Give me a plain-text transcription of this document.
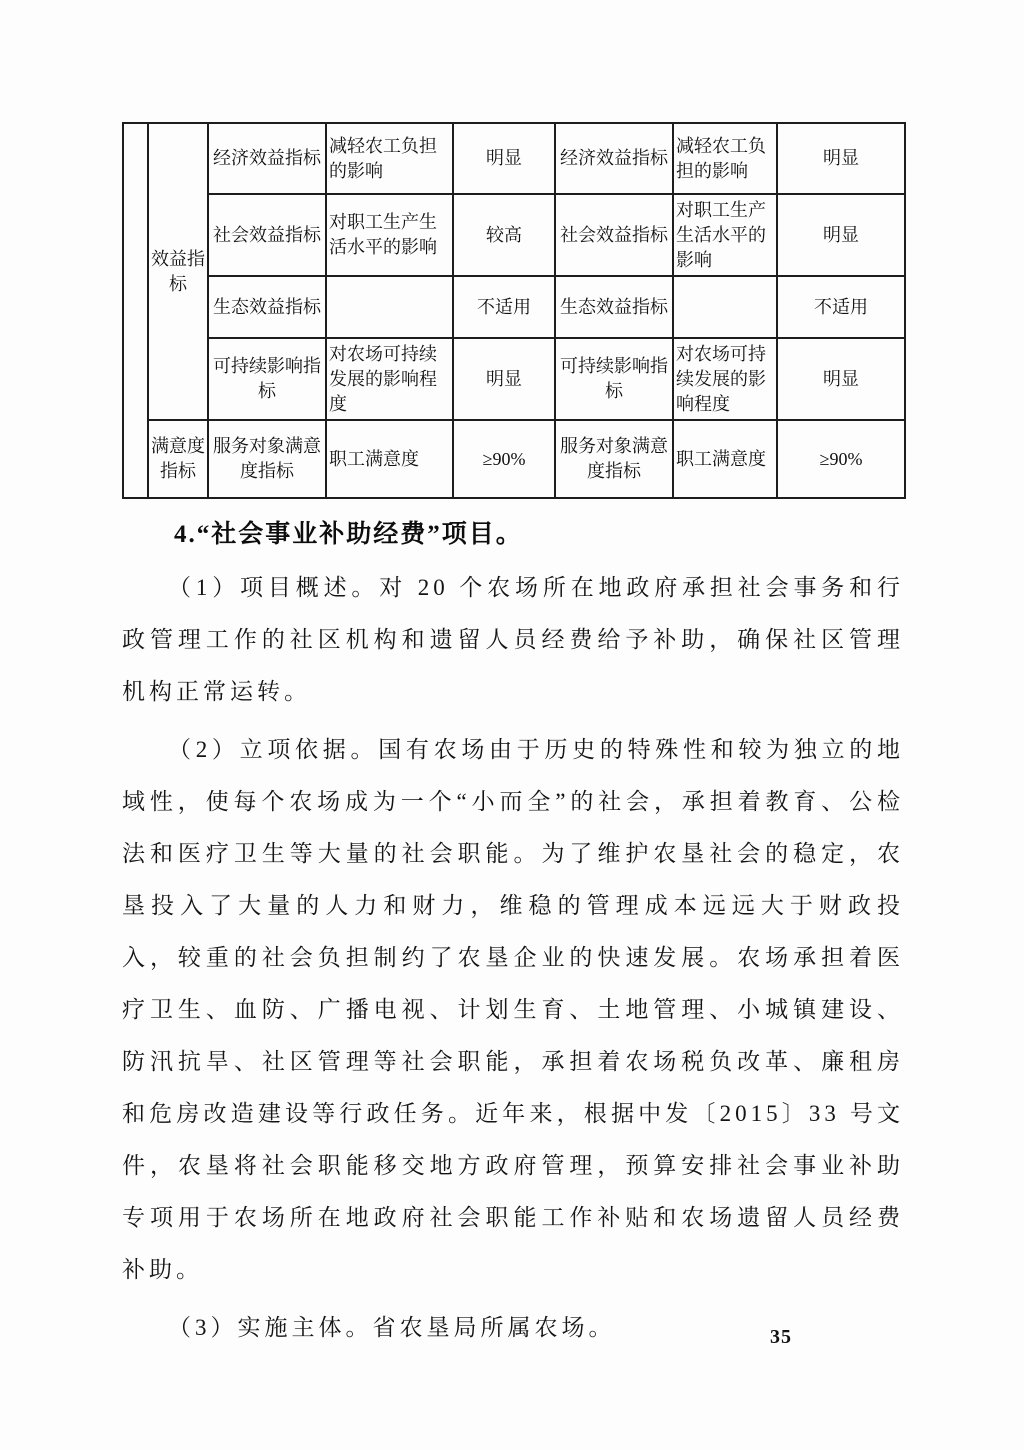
	效益指标	经济效益指标	减轻农工负担的影响	明显	经济效益指标	减轻农工负担的影响	明显
		社会效益指标	对职工生产生活水平的影响	较高	社会效益指标	对职工生产生活水平的影响	明显
		生态效益指标		不适用	生态效益指标		不适用
		可持续影响指标	对农场可持续发展的影响程度	明显	可持续影响指标	对农场可持续发展的影响程度	明显
	满意度指标	服务对象满意度指标	职工满意度	≥90%	服务对象满意度指标	职工满意度	≥90%
4.“社会事业补助经费”项目。

（1）项目概述。对 20 个农场所在地政府承担社会事务和行政管理工作的社区机构和遗留人员经费给予补助，确保社区管理机构正常运转。

（2）立项依据。国有农场由于历史的特殊性和较为独立的地域性，使每个农场成为一个“小而全”的社会，承担着教育、公检法和医疗卫生等大量的社会职能。为了维护农垦社会的稳定，农垦投入了大量的人力和财力，维稳的管理成本远远大于财政投入，较重的社会负担制约了农垦企业的快速发展。农场承担着医疗卫生、血防、广播电视、计划生育、土地管理、小城镇建设、防汛抗旱、社区管理等社会职能，承担着农场税负改革、廉租房和危房改造建设等行政任务。近年来，根据中发〔2015〕33 号文件，农垦将社会职能移交地方政府管理，预算安排社会事业补助专项用于农场所在地政府社会职能工作补贴和农场遗留人员经费补助。

（3）实施主体。省农垦局所属农场。	35
